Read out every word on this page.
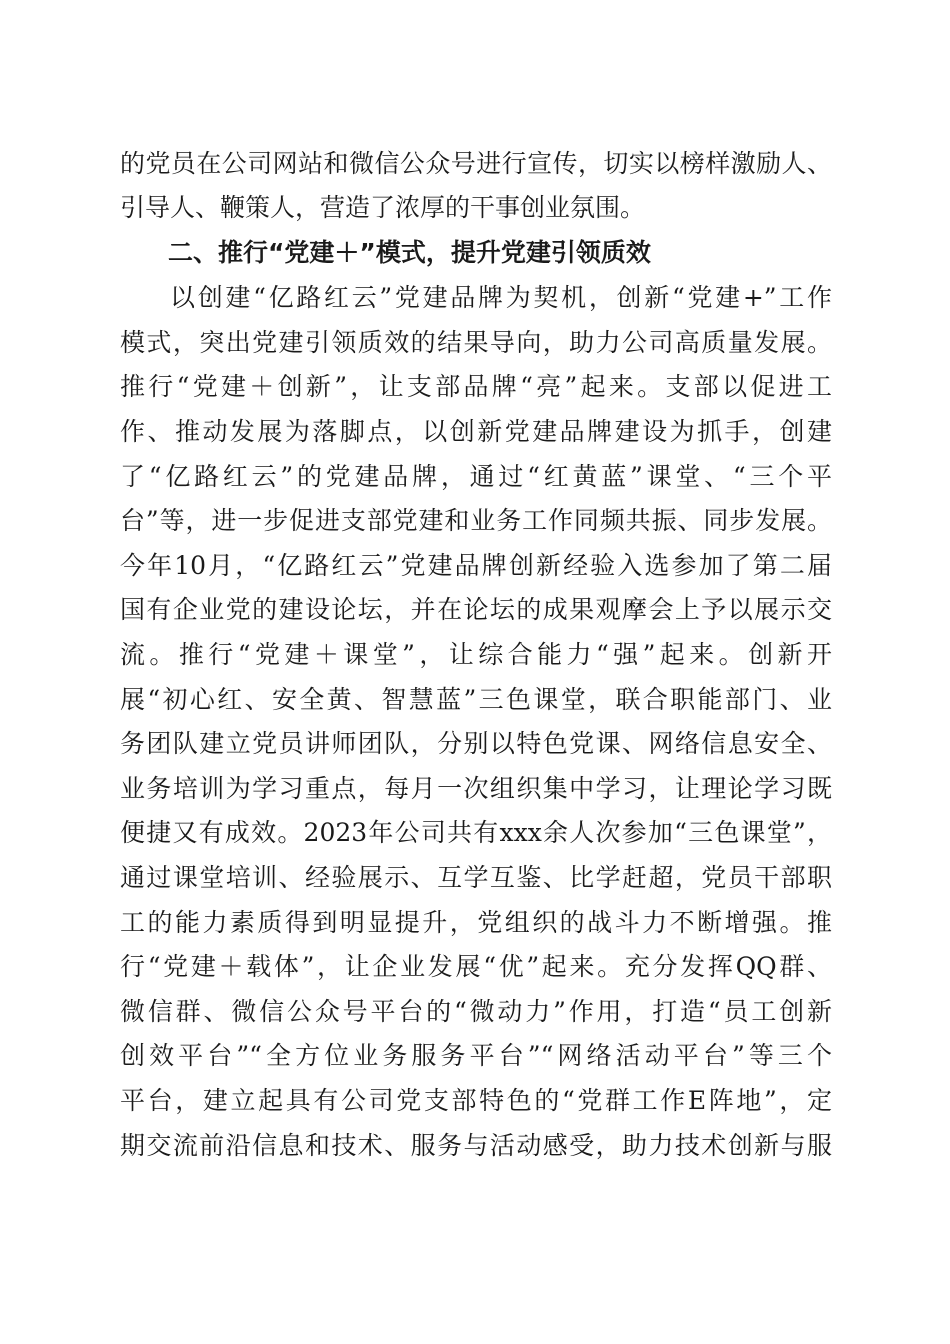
的党员在公司网站和微信公众号进行宣传，切实以榜样激励人、
引导人、鞭策人，营造了浓厚的干事创业氛围。
二、推行“党建＋”模式，提升党建引领质效
以创建“亿路红云”党建品牌为契机，创新“党建+”工作
模式，突出党建引领质效的结果导向，助力公司高质量发展。
推行“党建＋创新”，让支部品牌“亮”起来。支部以促进工
作、推动发展为落脚点，以创新党建品牌建设为抓手，创建
了“亿路红云”的党建品牌，通过“红黄蓝”课堂、“三个平
台”等，进一步促进支部党建和业务工作同频共振、同步发展。
今年10月，“亿路红云”党建品牌创新经验入选参加了第二届
国有企业党的建设论坛，并在论坛的成果观摩会上予以展示交
流。推行“党建＋课堂”，让综合能力“强”起来。创新开
展“初心红、安全黄、智慧蓝”三色课堂，联合职能部门、业
务团队建立党员讲师团队，分别以特色党课、网络信息安全、
业务培训为学习重点，每月一次组织集中学习，让理论学习既
便捷又有成效。2023年公司共有xxx余人次参加“三色课堂”，
通过课堂培训、经验展示、互学互鉴、比学赶超，党员干部职
工的能力素质得到明显提升，党组织的战斗力不断增强。推
行“党建＋载体”，让企业发展“优”起来。充分发挥QQ群、
微信群、微信公众号平台的“微动力”作用，打造“员工创新
创效平台”“全方位业务服务平台”“网络活动平台”等三个
平台，建立起具有公司党支部特色的“党群工作E阵地”，定
期交流前沿信息和技术、服务与活动感受，助力技术创新与服
